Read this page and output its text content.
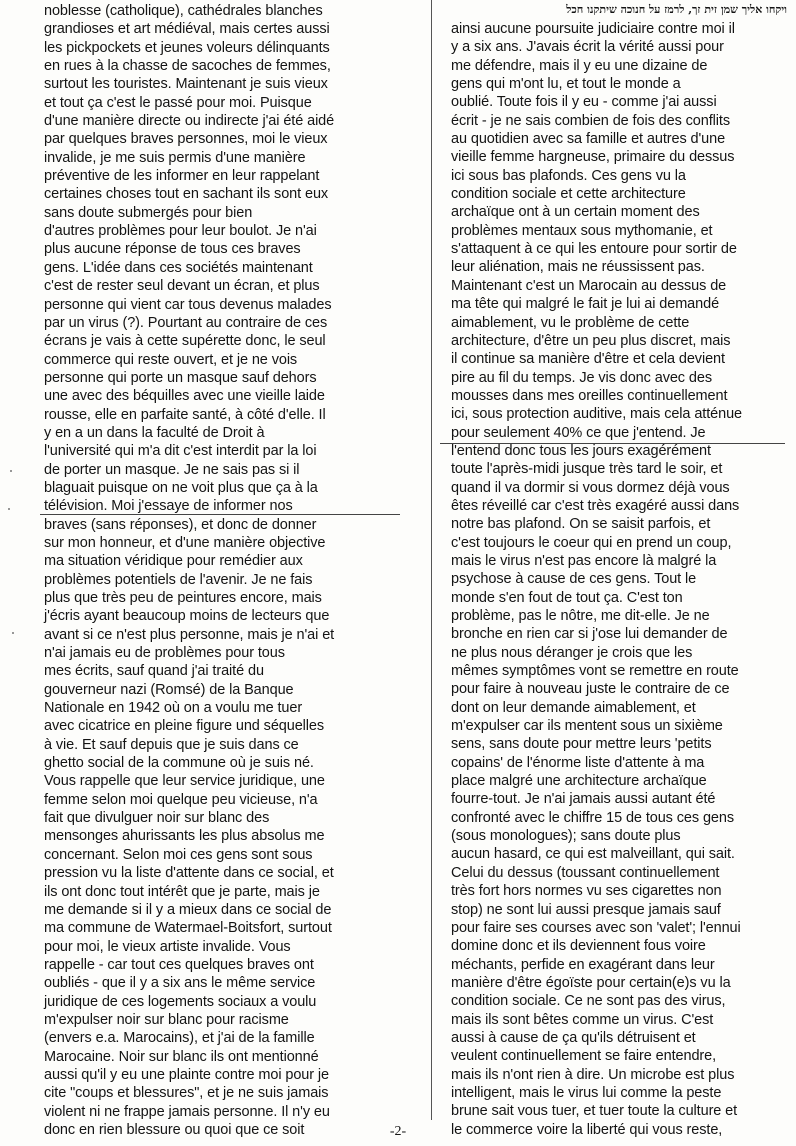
ויקחו אליך שמן זית זך, לרמז על חנוכה שיתקנו חכל
noblesse (catholique), cathédrales blanches
grandioses et art médiéval, mais certes aussi
les pickpockets et jeunes voleurs délinquants
en rues à la chasse de sacoches de femmes,
surtout les touristes. Maintenant je suis vieux
et tout ça c'est le passé pour moi. Puisque
d'une manière directe ou indirecte j'ai été aidé
par quelques braves personnes, moi le vieux
invalide, je me suis permis d'une manière
préventive de les informer en leur rappelant
certaines choses tout en sachant ils sont eux
sans doute submergés pour bien
d'autres problèmes pour leur boulot. Je n'ai
plus aucune réponse de tous ces braves
gens. L'idée dans ces sociétés maintenant
c'est de rester seul devant un écran, et plus
personne qui vient car tous devenus malades
par un virus (?). Pourtant au contraire de ces
écrans je vais à cette supérette donc, le seul
commerce qui reste ouvert, et je ne vois
personne qui porte un masque sauf dehors
une avec des béquilles avec une vieille laide
rousse, elle en parfaite santé, à côté d'elle. Il
y en a un dans la faculté de Droit à
l'université qui m'a dit c'est interdit par la loi
de porter un masque. Je ne sais pas si il
blaguait puisque on ne voit plus que ça à la
télévision. Moi j'essaye de informer nos
braves (sans réponses), et donc de donner
sur mon honneur, et d'une manière objective
ma situation véridique pour remédier aux
problèmes potentiels de l'avenir. Je ne fais
plus que très peu de peintures encore, mais
j'écris ayant beaucoup moins de lecteurs que
avant si ce n'est plus personne, mais je n'ai et
n'ai jamais eu de problèmes pour tous
mes écrits, sauf quand j'ai traité du
gouverneur nazi (Romsé) de la Banque
Nationale en 1942 où on a voulu me tuer
avec cicatrice en pleine figure und séquelles
à vie. Et sauf depuis que je suis dans ce
ghetto social de la commune où je suis né.
Vous rappelle que leur service juridique, une
femme selon moi quelque peu vicieuse, n'a
fait que divulguer noir sur blanc des
mensonges ahurissants les plus absolus me
concernant. Selon moi ces gens sont sous
pression vu la liste d'attente dans ce social, et
ils ont donc tout intérêt que je parte, mais je
me demande si il y a mieux dans ce social de
ma commune de Watermael-Boitsfort, surtout
pour moi, le vieux artiste invalide. Vous
rappelle - car tout ces quelques braves ont
oubliés - que il y a six ans le même service
juridique de ces logements sociaux a voulu
m'expulser noir sur blanc pour racisme
(envers e.a. Marocains), et j'ai de la famille
Marocaine. Noir sur blanc ils ont mentionné
aussi qu'il y eu une plainte contre moi pour je
cite "coups et blessures", et je ne suis jamais
violent ni ne frappe jamais personne. Il n'y eu
donc en rien blessure ou quoi que ce soit
ainsi aucune poursuite judiciaire contre moi il
y a six ans. J'avais écrit la vérité aussi pour
me défendre, mais il y eu une dizaine de
gens qui m'ont lu, et tout le monde a
oublié. Toute fois il y eu - comme j'ai aussi
écrit - je ne sais combien de fois des conflits
au quotidien avec sa famille et autres d'une
vieille femme hargneuse, primaire du dessus
ici sous bas plafonds. Ces gens vu la
condition sociale et cette architecture
archaïque ont à un certain moment des
problèmes mentaux sous mythomanie, et
s'attaquent à ce qui les entoure pour sortir de
leur aliénation, mais ne réussissent pas.
Maintenant c'est un Marocain au dessus de
ma tête qui malgré le fait je lui ai demandé
aimablement, vu le problème de cette
architecture, d'être un peu plus discret, mais
il continue sa manière d'être et cela devient
pire au fil du temps. Je vis donc avec des
mousses dans mes oreilles continuellement
ici, sous protection auditive, mais cela atténue
pour seulement 40% ce que j'entend. Je
l'entend donc tous les jours exagérément
toute l'après-midi jusque très tard le soir, et
quand il va dormir si vous dormez déjà vous
êtes réveillé car c'est très exagéré aussi dans
notre bas plafond. On se saisit parfois, et
c'est toujours le coeur qui en prend un coup,
mais le virus n'est pas encore là malgré la
psychose à cause de ces gens. Tout le
monde s'en fout de tout ça. C'est ton
problème, pas le nôtre, me dit-elle. Je ne
bronche en rien car si j'ose lui demander de
ne plus nous déranger je crois que les
mêmes symptômes vont se remettre en route
pour faire à nouveau juste le contraire de ce
dont on leur demande aimablement, et
m'expulser car ils mentent sous un sixième
sens, sans doute pour mettre leurs 'petits
copains' de l'énorme liste d'attente à ma
place malgré une architecture archaïque
fourre-tout. Je n'ai jamais aussi autant été
confronté avec le chiffre 15 de tous ces gens
(sous monologues); sans doute plus
aucun hasard, ce qui est malveillant, qui sait.
Celui du dessus (toussant continuellement
très fort hors normes vu ses cigarettes non
stop) ne sont lui aussi presque jamais sauf
pour faire ses courses avec son 'valet'; l'ennui
domine donc et ils deviennent fous voire
méchants, perfide en exagérant dans leur
manière d'être égoïste pour certain(e)s vu la
condition sociale. Ce ne sont pas des virus,
mais ils sont bêtes comme un virus. C'est
aussi à cause de ça qu'ils détruisent et
veulent continuellement se faire entendre,
mais ils n'ont rien à dire. Un microbe est plus
intelligent, mais le virus lui comme la peste
brune sait vous tuer, et tuer toute la culture et
le commerce voire la liberté qui vous reste,
-2-
